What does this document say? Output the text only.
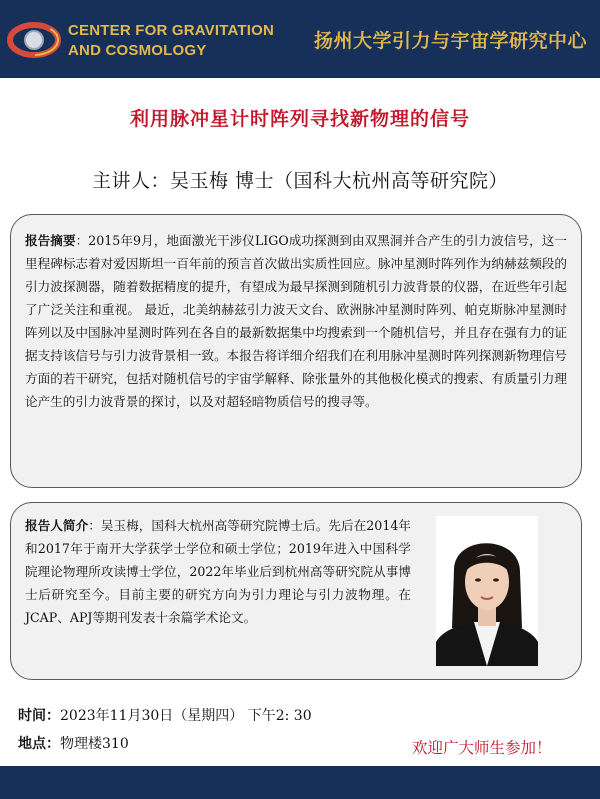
CENTER FOR GRAVITATION
AND COSMOLOGY	扬州大学引力与宇宙学研究中心
利用脉冲星计时阵列寻找新物理的信号
主讲人：吴玉梅 博士（国科大杭州高等研究院）

报告摘要：2015年9月，地面激光干涉仪LIGO成功探测到由双黑洞并合产生的引力波信号，这一里程碑标志着对爱因斯坦一百年前的预言首次做出实质性回应。脉冲星测时阵列作为纳赫兹频段的引力波探测器，随着数据精度的提升，有望成为最早探测到随机引力波背景的仪器，在近些年引起了广泛关注和重视。 最近，北美纳赫兹引力波天文台、欧洲脉冲星测时阵列、帕克斯脉冲星测时阵列以及中国脉冲星测时阵列在各自的最新数据集中均搜索到一个随机信号，并且存在强有力的证据支持该信号与引力波背景相一致。本报告将详细介绍我们在利用脉冲星测时阵列探测新物理信号方面的若干研究，包括对随机信号的宇宙学解释、除张量外的其他极化模式的搜索、有质量引力理论产生的引力波背景的探讨，以及对超轻暗物质信号的搜寻等。

报告人简介：吴玉梅，国科大杭州高等研究院博士后。先后在2014年和2017年于南开大学获学士学位和硕士学位；2019年进入中国科学院理论物理所攻读博士学位，2022年毕业后到杭州高等研究院从事博士后研究至今。目前主要的研究方向为引力理论与引力波物理。在JCAP、APJ等期刊发表十余篇学术论文。

时间：2023年11月30日（星期四） 下午2: 30
地点：物理楼310	欢迎广大师生参加！
